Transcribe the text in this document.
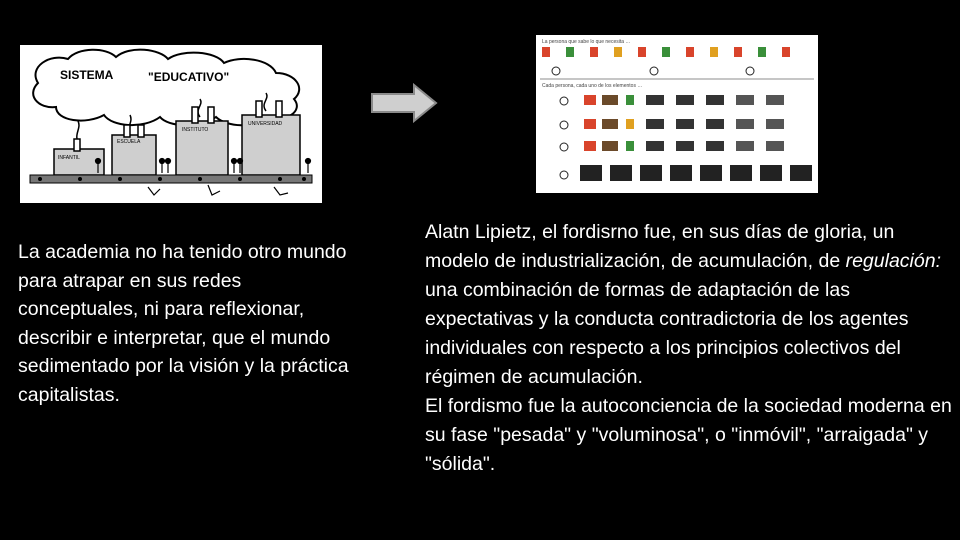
SISTEMA	"EDUCATIVO"
INFANTIL
ESCUELA
INSTITUTO
UNIVERSIDAD
La persona que sabe lo que necesita …
Cada persona, cada uno de los elementos …
La academia no ha tenido otro mundo para atrapar en sus redes conceptuales, ni para reflexionar, describir e interpretar, que el mundo sedimentado por la visión y la práctica capitalistas.

Alatn Lipietz, el fordisrno fue, en sus días de gloria, un modelo de industrialización, de acumulación, de regulación: una combinación de formas de adaptación de las expectativas y la conducta contradictoria de los agentes individuales con respecto a los principios colectivos del régimen de acumulación.

El fordismo fue la autoconciencia de la sociedad moderna en su fase "pesada" y "voluminosa", o "inmóvil", "arraigada" y "sólida".
